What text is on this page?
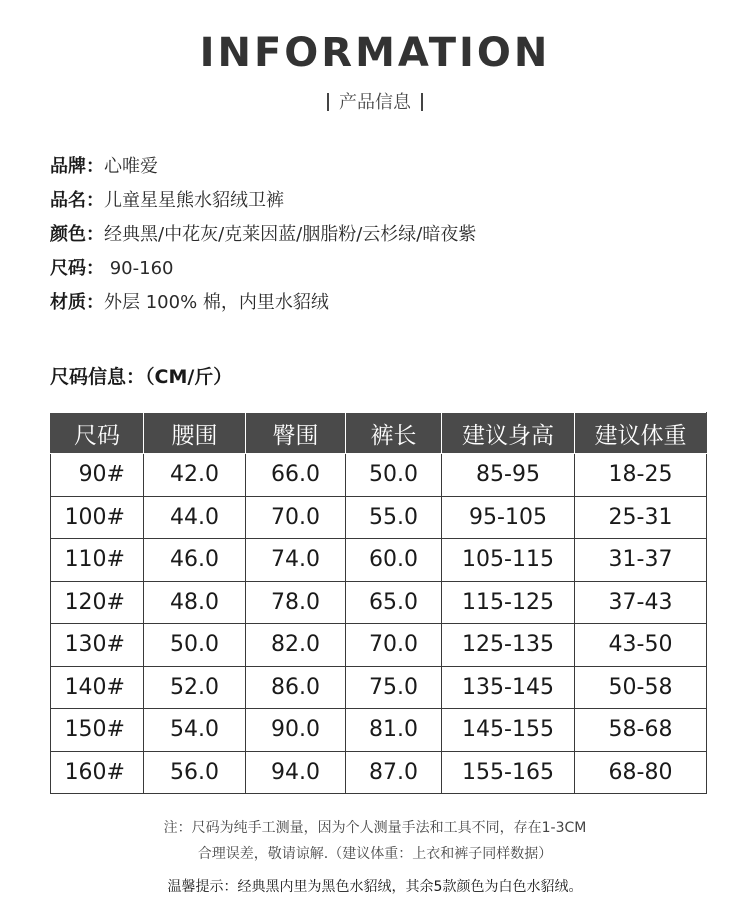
INFORMATION
产品信息
品牌：心唯爱
品名：儿童星星熊水貂绒卫裤
颜色：经典黑/中花灰/克莱因蓝/胭脂粉/云杉绿/暗夜紫
尺码： 90-160
材质：外层 100% 棉，内里水貂绒
尺码信息：（CM/斤）
尺码	腰围	臀围	裤长	建议身高	建议体重
90#	42.0	66.0	50.0	85-95	18-25
100#	44.0	70.0	55.0	95-105	25-31
110#	46.0	74.0	60.0	105-115	31-37
120#	48.0	78.0	65.0	115-125	37-43
130#	50.0	82.0	70.0	125-135	43-50
140#	52.0	86.0	75.0	135-145	50-58
150#	54.0	90.0	81.0	145-155	58-68
160#	56.0	94.0	87.0	155-165	68-80
注：尺码为纯手工测量，因为个人测量手法和工具不同，存在1-3CM
合理误差，敬请谅解.（建议体重：上衣和裤子同样数据）
温馨提示：经典黑内里为黑色水貂绒，其余5款颜色为白色水貂绒。
